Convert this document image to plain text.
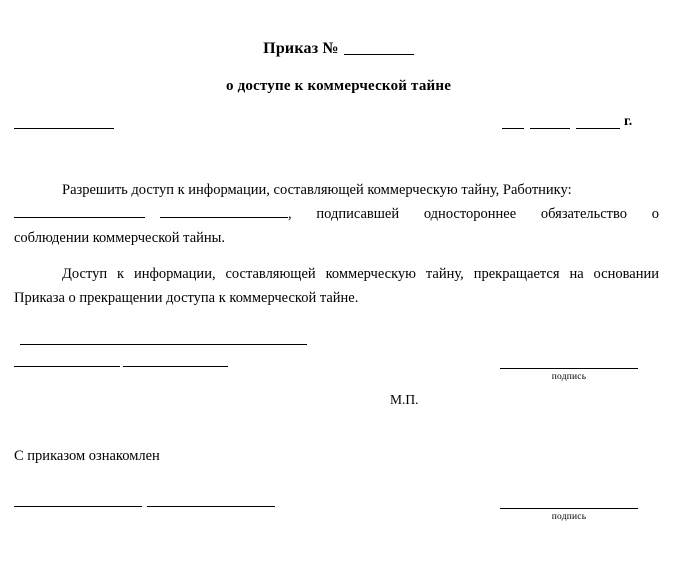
Приказ №
о доступе к коммерческой тайне
г.
Разрешить доступ к информации, составляющей коммерческую тайну, Работнику:
, подписавшей одностороннее обязательство о
соблюдении коммерческой тайны.
Доступ к информации, составляющей коммерческую тайну, прекращается на основании Приказа о прекращении доступа к коммерческой тайне.
подпись
М.П.
С приказом ознакомлен
подпись
